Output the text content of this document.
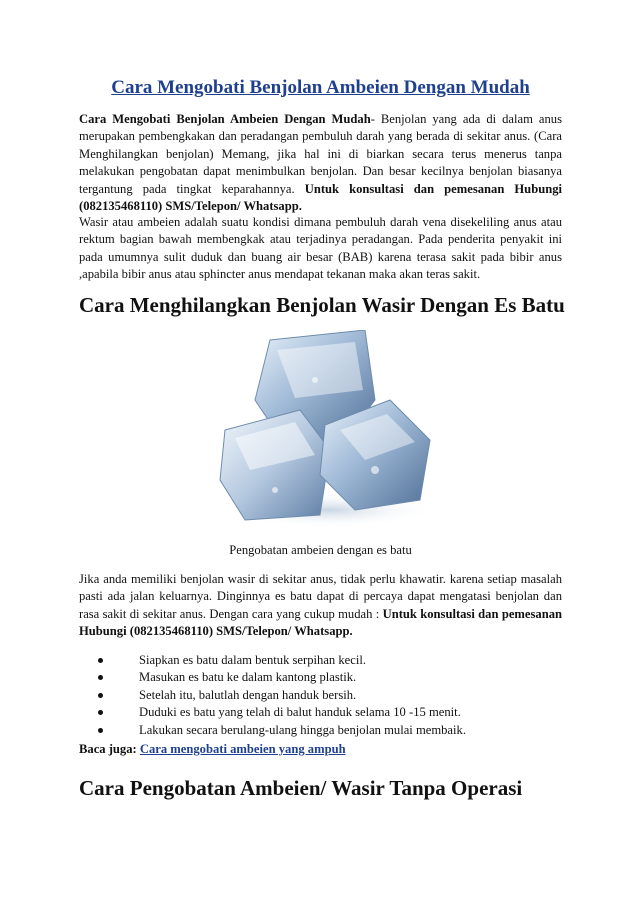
Cara Mengobati Benjolan Ambeien Dengan Mudah

Cara Mengobati Benjolan Ambeien Dengan Mudah- Benjolan yang ada di dalam anus merupakan pembengkakan dan peradangan pembuluh darah yang berada di sekitar anus. (Cara Menghilangkan benjolan) Memang, jika hal ini di biarkan secara terus menerus tanpa melakukan pengobatan dapat menimbulkan benjolan. Dan besar kecilnya benjolan biasanya tergantung pada tingkat keparahannya. Untuk konsultasi dan pemesanan Hubungi (082135468110) SMS/Telepon/ Whatsapp.

Wasir atau ambeien adalah suatu kondisi dimana pembuluh darah vena disekeliling anus atau rektum bagian bawah membengkak atau terjadinya peradangan. Pada penderita penyakit ini pada umumnya sulit duduk dan buang air besar (BAB) karena terasa sakit pada bibir anus ,apabila bibir anus atau sphincter anus mendapat tekanan maka akan teras sakit.

Cara Menghilangkan Benjolan Wasir Dengan Es Batu

Pengobatan ambeien dengan es batu

Jika anda memiliki benjolan wasir di sekitar anus, tidak perlu khawatir. karena setiap masalah pasti ada jalan keluarnya. Dinginnya es batu dapat di percaya dapat mengatasi benjolan dan rasa sakit di sekitar anus. Dengan cara yang cukup mudah : Untuk konsultasi dan pemesanan Hubungi (082135468110) SMS/Telepon/ Whatsapp.

Siapkan es batu dalam bentuk serpihan kecil.
Masukan es batu ke dalam kantong plastik.
Setelah itu, balutlah dengan handuk bersih.
Duduki es batu yang telah di balut handuk selama 10 -15 menit.
Lakukan secara berulang-ulang hingga benjolan mulai membaik.

Baca juga: Cara mengobati ambeien yang ampuh

Cara Pengobatan Ambeien/ Wasir Tanpa Operasi
